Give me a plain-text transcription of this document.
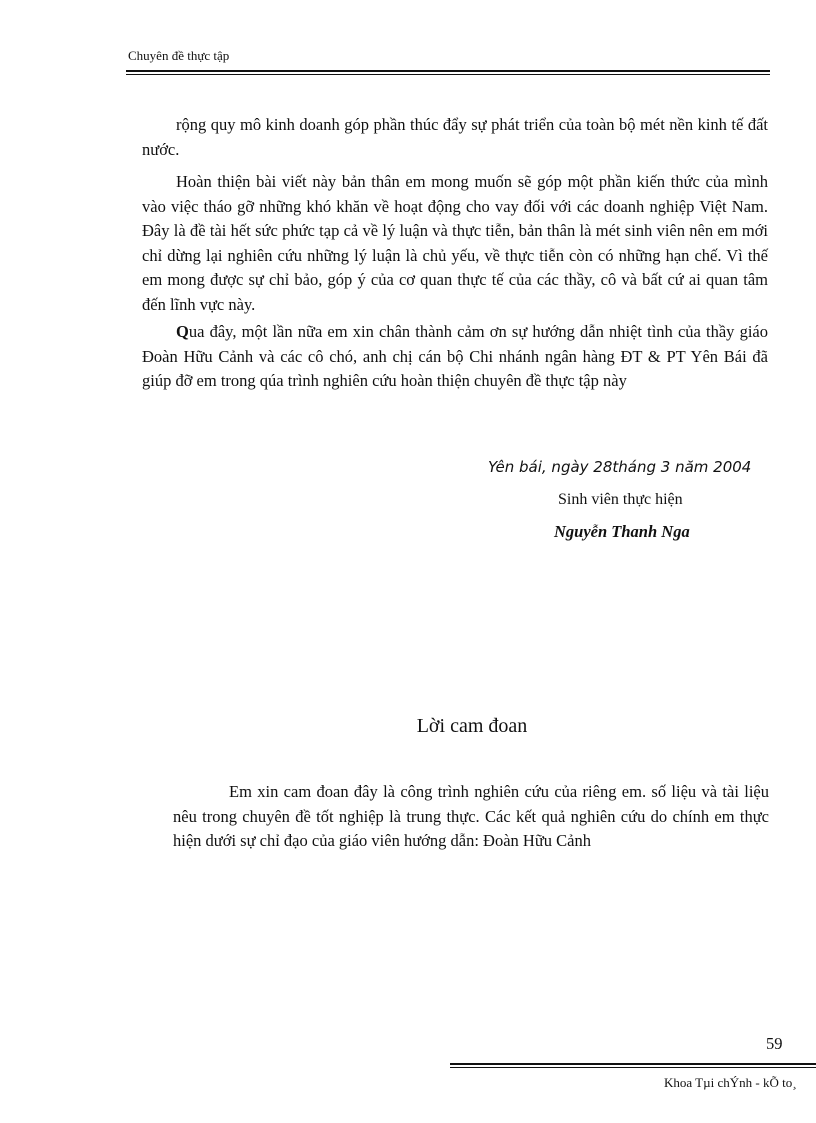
Chuyên đề thực tập

rộng quy mô kinh doanh góp phần thúc đẩy sự phát triển của toàn bộ mét nền kinh tế đất nước.

Hoàn thiện bài viết này bản thân em mong muốn sẽ góp một phần kiến thức của mình vào việc tháo gỡ những khó khăn về hoạt động cho vay đối với các doanh nghiệp Việt Nam. Đây là đề tài hết sức phức tạp cả về lý luận và thực tiễn, bản thân là mét sinh viên nên em mới chỉ dừng lại nghiên cứu những lý luận là chủ yếu, về thực tiễn còn có những hạn chế. Vì thế em mong được sự chỉ bảo, góp ý của cơ quan thực tế của các thầy, cô và bất cứ ai quan tâm đến lĩnh vực này.

Qua đây, một lần nữa em xin chân thành cảm ơn sự hướng dẫn nhiệt tình của thầy giáo Đoàn Hữu Cảnh và các cô chó, anh chị cán bộ Chi nhánh ngân hàng ĐT & PT Yên Bái đã giúp đỡ em trong qúa trình nghiên cứu hoàn thiện chuyên đề thực tập này

Yên bái, ngày 28tháng 3 năm 2004
Sinh viên thực hiện
Nguyễn Thanh Nga
Lời cam đoan

Em xin cam đoan đây là công trình nghiên cứu của riêng em. số liệu và tài liệu nêu trong chuyên đề tốt nghiệp là trung thực. Các kết quả nghiên cứu do chính em thực hiện dưới sự chỉ đạo của giáo viên hướng dẫn: Đoàn Hữu Cảnh

59
Khoa Tµi chÝnh - kÕ to¸
